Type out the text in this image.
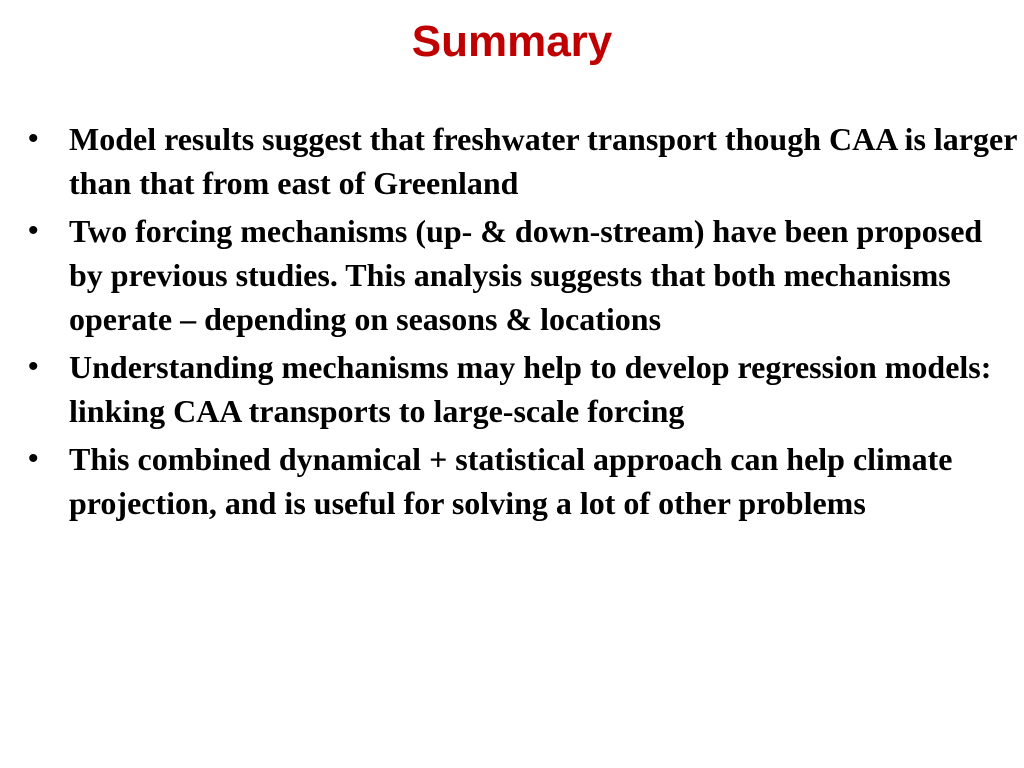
Summary
• Model results suggest that freshwater transport though CAA is larger than that from east of Greenland
• Two forcing mechanisms (up- & down-stream) have been proposed by previous studies. This analysis suggests that both mechanisms operate – depending on seasons & locations
• Understanding mechanisms may help to develop regression models: linking CAA transports to large-scale forcing
• This combined dynamical + statistical approach can help climate projection, and is useful for solving a lot of other problems
